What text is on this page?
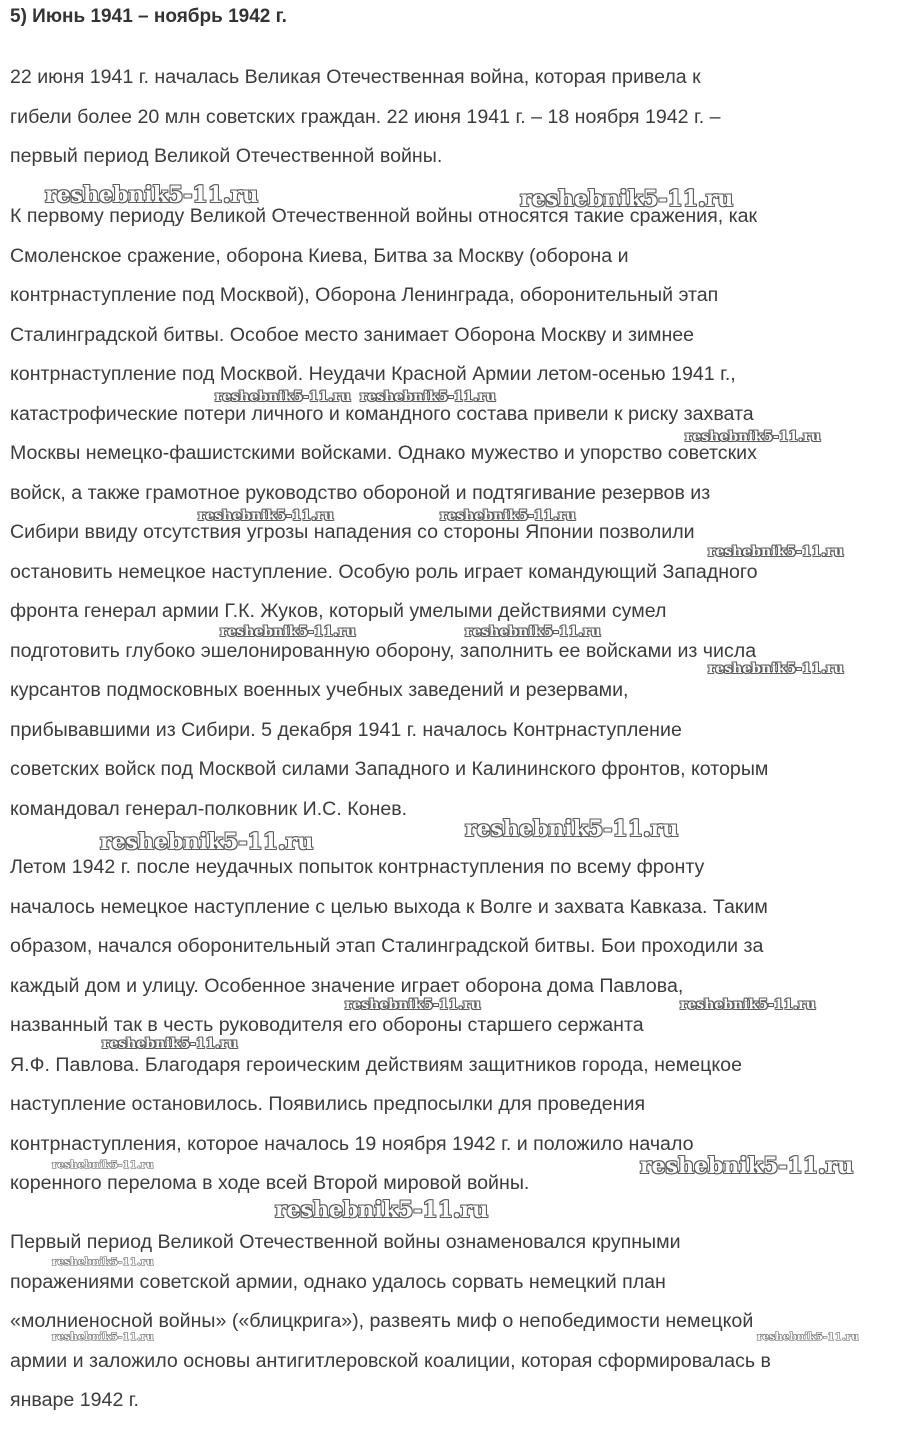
5) Июнь 1941 – ноябрь 1942 г.
22 июня 1941 г. началась Великая Отечественная война, которая привела к
гибели более 20 млн советских граждан. 22 июня 1941 г. – 18 ноября 1942 г. –
первый период Великой Отечественной войны.
К первому периоду Великой Отечественной войны относятся такие сражения, как
Смоленское сражение, оборона Киева, Битва за Москву (оборона и
контрнаступление под Москвой), Оборона Ленинграда, оборонительный этап
Сталинградской битвы. Особое место занимает Оборона Москву и зимнее
контрнаступление под Москвой. Неудачи Красной Армии летом-осенью 1941 г.,
катастрофические потери личного и командного состава привели к риску захвата
Москвы немецко-фашистскими войсками. Однако мужество и упорство советских
войск, а также грамотное руководство обороной и подтягивание резервов из
Сибири ввиду отсутствия угрозы нападения со стороны Японии позволили
остановить немецкое наступление. Особую роль играет командующий Западного
фронта генерал армии Г.К. Жуков, который умелыми действиями сумел
подготовить глубоко эшелонированную оборону, заполнить ее войсками из числа
курсантов подмосковных военных учебных заведений и резервами,
прибывавшими из Сибири. 5 декабря 1941 г. началось Контрнаступление
советских войск под Москвой силами Западного и Калининского фронтов, которым
командовал генерал-полковник И.С. Конев.
Летом 1942 г. после неудачных попыток контрнаступления по всему фронту
началось немецкое наступление с целью выхода к Волге и захвата Кавказа. Таким
образом, начался оборонительный этап Сталинградской битвы. Бои проходили за
каждый дом и улицу. Особенное значение играет оборона дома Павлова,
названный так в честь руководителя его обороны старшего сержанта
Я.Ф. Павлова. Благодаря героическим действиям защитников города, немецкое
наступление остановилось. Появились предпосылки для проведения
контрнаступления, которое началось 19 ноября 1942 г. и положило начало
коренного перелома в ходе всей Второй мировой войны.
Первый период Великой Отечественной войны ознаменовался крупными
поражениями советской армии, однако удалось сорвать немецкий план
«молниеносной войны» («блицкрига»), развеять миф о непобедимости немецкой
армии и заложило основы антигитлеровской коалиции, которая сформировалась в
январе 1942 г.
reshebnik5-11.ru	reshebnik5-11.ru
reshebnik5-11.ru reshebnik5-11.ru
reshebnik5-11.ru
reshebnik5-11.ru	reshebnik5-11.ru
reshebnik5-11.ru
reshebnik5-11.ru	reshebnik5-11.ru
reshebnik5-11.ru
reshebnik5-11.ru	reshebnik5-11.ru
reshebnik5-11.ru	reshebnik5-11.ru
reshebnik5-11.ru
reshebnik5-11.ru	reshebnik5-11.ru
reshebnik5-11.ru
reshebnik5-11.ru
reshebnik5-11.ru	reshebnik5-11.ru
